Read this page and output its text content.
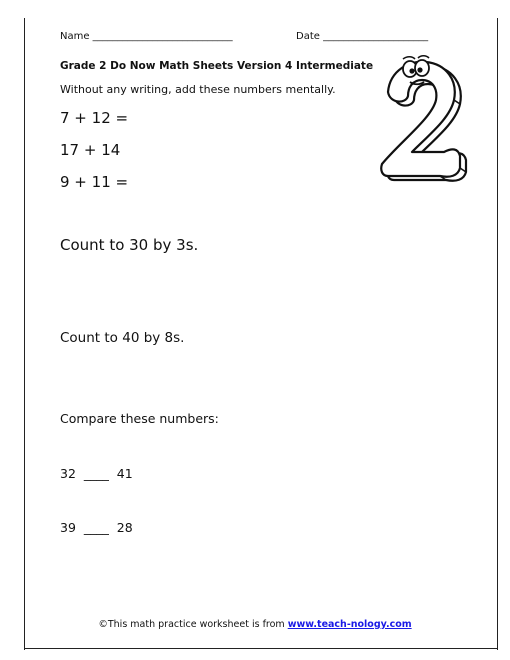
Name ____________________________	Date _____________________
Grade 2 Do Now Math Sheets Version 4 Intermediate
Without any writing, add these numbers mentally.
7 + 12 =
17 + 14
9 + 11 =
Count to 30 by 3s.
Count to 40 by 8s.
Compare these numbers:
32  ____  41
39  ____  28
©This math practice worksheet is from www.teach-nology.com
